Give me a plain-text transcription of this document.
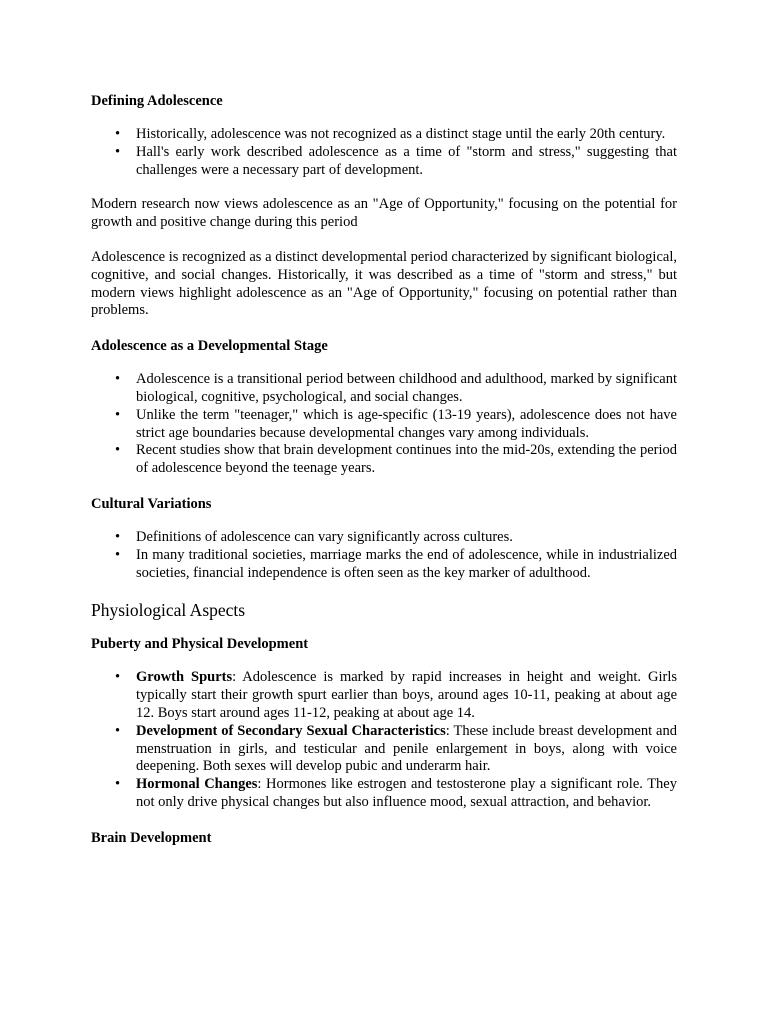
Defining Adolescence
• Historically, adolescence was not recognized as a distinct stage until the early 20th century.
• Hall's early work described adolescence as a time of "storm and stress," suggesting that challenges were a necessary part of development.

Modern research now views adolescence as an "Age of Opportunity," focusing on the potential for growth and positive change during this period

Adolescence is recognized as a distinct developmental period characterized by significant biological, cognitive, and social changes. Historically, it was described as a time of "storm and stress," but modern views highlight adolescence as an "Age of Opportunity," focusing on potential rather than problems.

Adolescence as a Developmental Stage
• Adolescence is a transitional period between childhood and adulthood, marked by significant biological, cognitive, psychological, and social changes.
• Unlike the term "teenager," which is age-specific (13-19 years), adolescence does not have strict age boundaries because developmental changes vary among individuals.
• Recent studies show that brain development continues into the mid-20s, extending the period of adolescence beyond the teenage years.
Cultural Variations
• Definitions of adolescence can vary significantly across cultures.
• In many traditional societies, marriage marks the end of adolescence, while in industrialized societies, financial independence is often seen as the key marker of adulthood.
Physiological Aspects
Puberty and Physical Development
• Growth Spurts: Adolescence is marked by rapid increases in height and weight. Girls typically start their growth spurt earlier than boys, around ages 10-11, peaking at about age 12. Boys start around ages 11-12, peaking at about age 14.
• Development of Secondary Sexual Characteristics: These include breast development and menstruation in girls, and testicular and penile enlargement in boys, along with voice deepening. Both sexes will develop pubic and underarm hair.
• Hormonal Changes: Hormones like estrogen and testosterone play a significant role. They not only drive physical changes but also influence mood, sexual attraction, and behavior.
Brain Development
